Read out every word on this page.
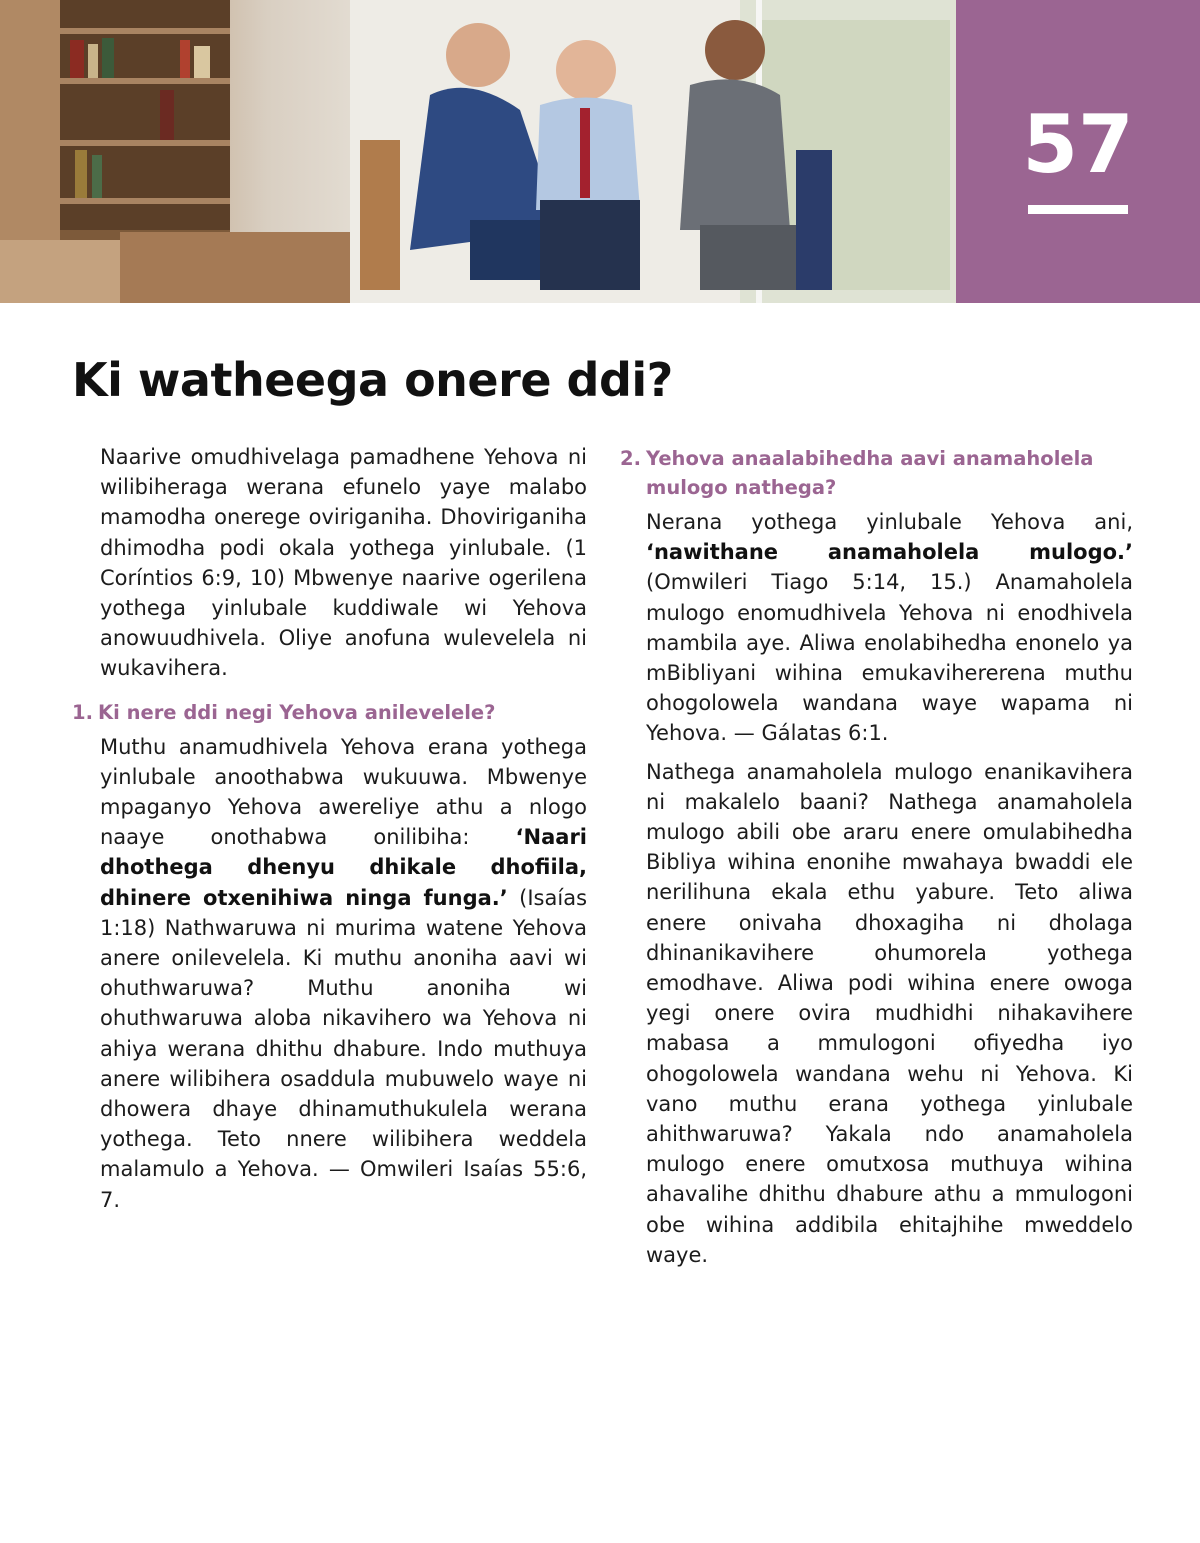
57
Ki watheega onere ddi?

Naarive omudhivelaga pamadhene Yehova ni wilibiheraga werana efunelo yaye malabo mamodha onerege oviriganiha. Dhoviriganiha dhimodha podi okala yothega yinlubale. (1 Coríntios 6:9, 10) Mbwenye naarive ogerilena yothega yinlubale kuddiwale wi Yehova anowuudhivela. Oliye anofuna wulevelela ni wukavihera.

1. Ki nere ddi negi Yehova anilevelele?

Muthu anamudhivela Yehova erana yothega yinlubale anoothabwa wukuuwa. Mbwenye mpaganyo Yehova awereliye athu a nlogo naaye onothabwa onilibiha: ‘Naari dhothega dhenyu dhikale dhofiila, dhinere otxenihiwa ninga funga.’ (Isaías 1:18) Nathwaruwa ni murima watene Yehova anere onilevelela. Ki muthu anoniha aavi wi ohuthwaruwa? Muthu anoniha wi ohuthwaruwa aloba nikavihero wa Yehova ni ahiya werana dhithu dhabure. Indo muthuya anere wilibihera osaddula mubuwelo waye ni dhowera dhaye dhinamuthukulela werana yothega. Teto nnere wilibihera weddela malamulo a Yehova. — Omwileri Isaías 55:6, 7.

2. Yehova anaalabihedha aavi anamaholela mulogo nathega?

Nerana yothega yinlubale Yehova ani, ‘nawithane anamaholela mulogo.’ (Omwileri Tiago 5:14, 15.) Anamaholela mulogo enomudhivela Yehova ni enodhivela mambila aye. Aliwa enolabihedha enonelo ya mBibliyani wihina emukavihererena muthu ohogolowela wandana waye wapama ni Yehova. — Gálatas 6:1.

Nathega anamaholela mulogo enanikavihera ni makalelo baani? Nathega anamaholela mulogo abili obe araru enere omulabihedha Bibliya wihina enonihe mwahaya bwaddi ele nerilihuna ekala ethu yabure. Teto aliwa enere onivaha dhoxagiha ni dholaga dhinanikavihere ohumorela yothega emodhave. Aliwa podi wihina enere owoga yegi onere ovira mudhidhi nihakavihere mabasa a mmulogoni ofiyedha iyo ohogolowela wandana wehu ni Yehova. Ki vano muthu erana yothega yinlubale ahithwaruwa? Yakala ndo anamaholela mulogo enere omutxosa muthuya wihina ahavalihe dhithu dhabure athu a mmulogoni obe wihina addibila ehitajhihe mweddelo waye.
